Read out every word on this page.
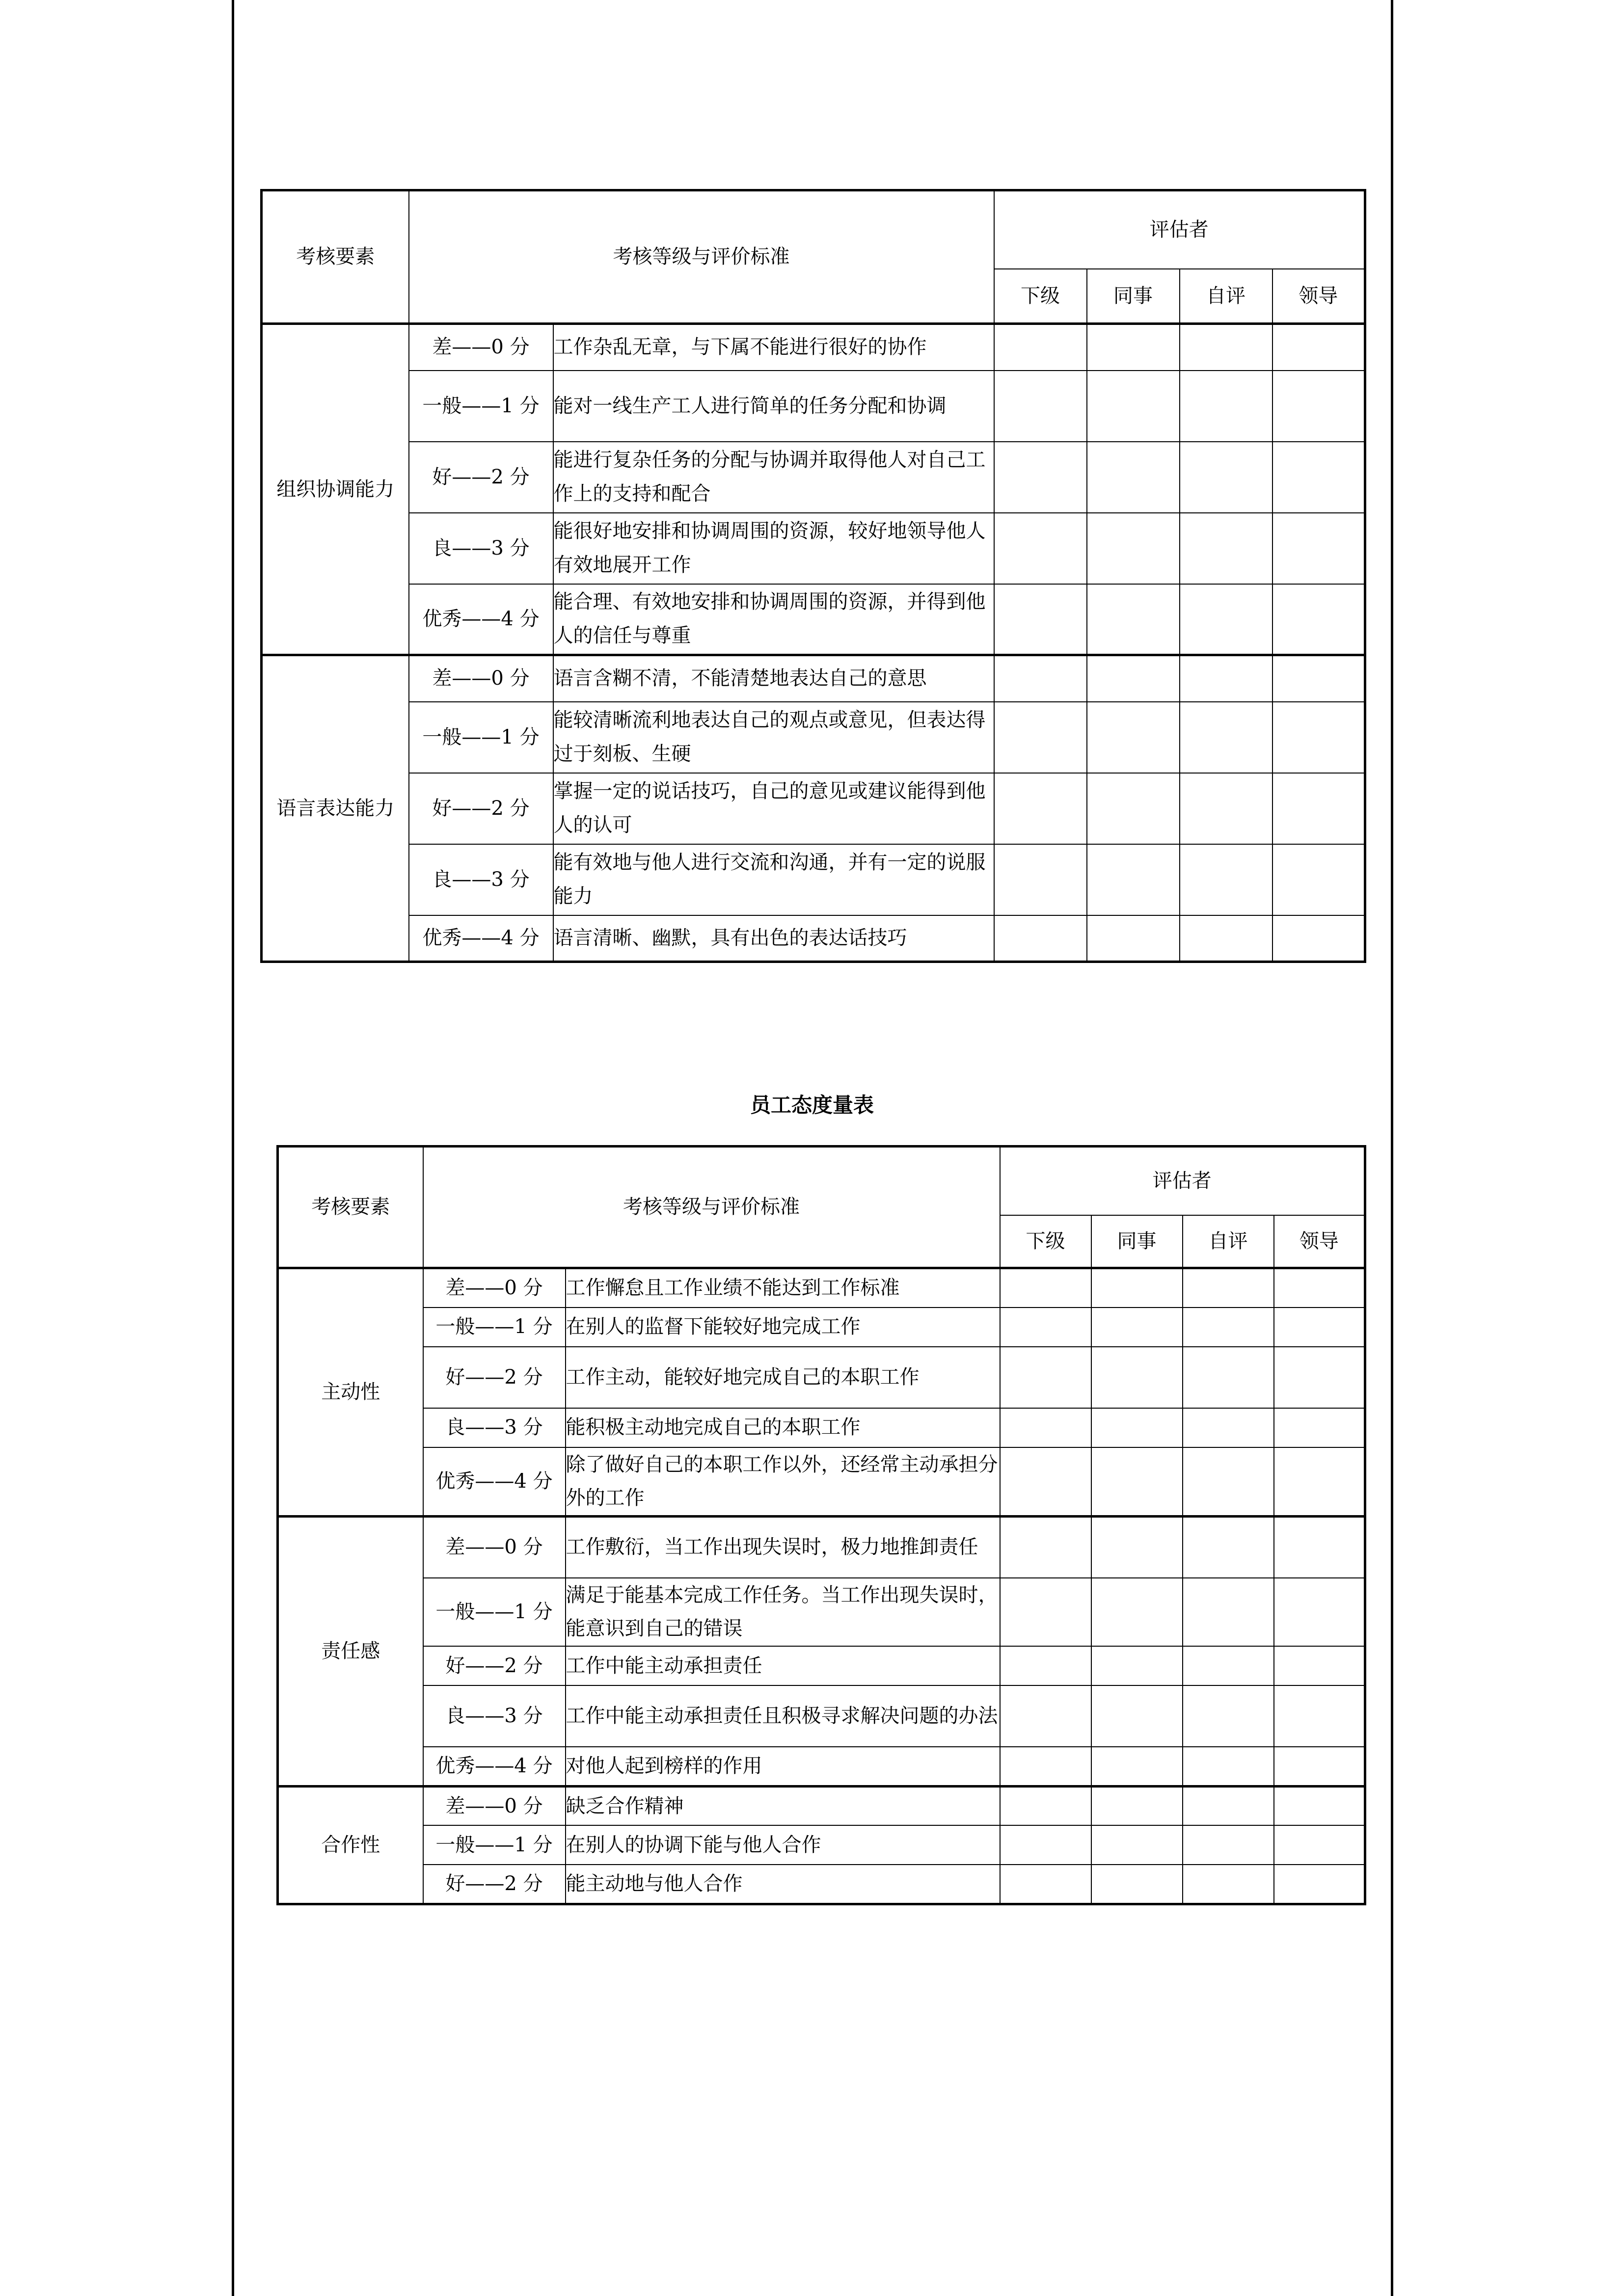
考核要素	考核等级与评价标准		评估者			
			下级	同事	自评	领导
组织协调能力	差——0 分	工作杂乱无章，与下属不能进行很好的协作				
	一般——1 分	能对一线生产工人进行简单的任务分配和协调				
	好——2 分	能进行复杂任务的分配与协调并取得他人对自己工作上的支持和配合				
	良——3 分	能很好地安排和协调周围的资源，较好地领导他人有效地展开工作				
	优秀——4 分	能合理、有效地安排和协调周围的资源，并得到他人的信任与尊重				
语言表达能力	差——0 分	语言含糊不清，不能清楚地表达自己的意思				
	一般——1 分	能较清晰流利地表达自己的观点或意见，但表达得过于刻板、生硬				
	好——2 分	掌握一定的说话技巧，自己的意见或建议能得到他人的认可				
	良——3 分	能有效地与他人进行交流和沟通，并有一定的说服能力				
	优秀——4 分	语言清晰、幽默，具有出色的表达话技巧				
员工态度量表
考核要素	考核等级与评价标准		评估者			
			下级	同事	自评	领导
主动性	差——0 分	工作懈怠且工作业绩不能达到工作标准				
	一般——1 分	在别人的监督下能较好地完成工作				
	好——2 分	工作主动，能较好地完成自己的本职工作				
	良——3 分	能积极主动地完成自己的本职工作				
	优秀——4 分	除了做好自己的本职工作以外，还经常主动承担分外的工作				
责任感	差——0 分	工作敷衍，当工作出现失误时，极力地推卸责任				
	一般——1 分	满足于能基本完成工作任务。当工作出现失误时，能意识到自己的错误				
	好——2 分	工作中能主动承担责任				
	良——3 分	工作中能主动承担责任且积极寻求解决问题的办法				
	优秀——4 分	对他人起到榜样的作用				
合作性	差——0 分	缺乏合作精神				
	一般——1 分	在别人的协调下能与他人合作				
	好——2 分	能主动地与他人合作				
